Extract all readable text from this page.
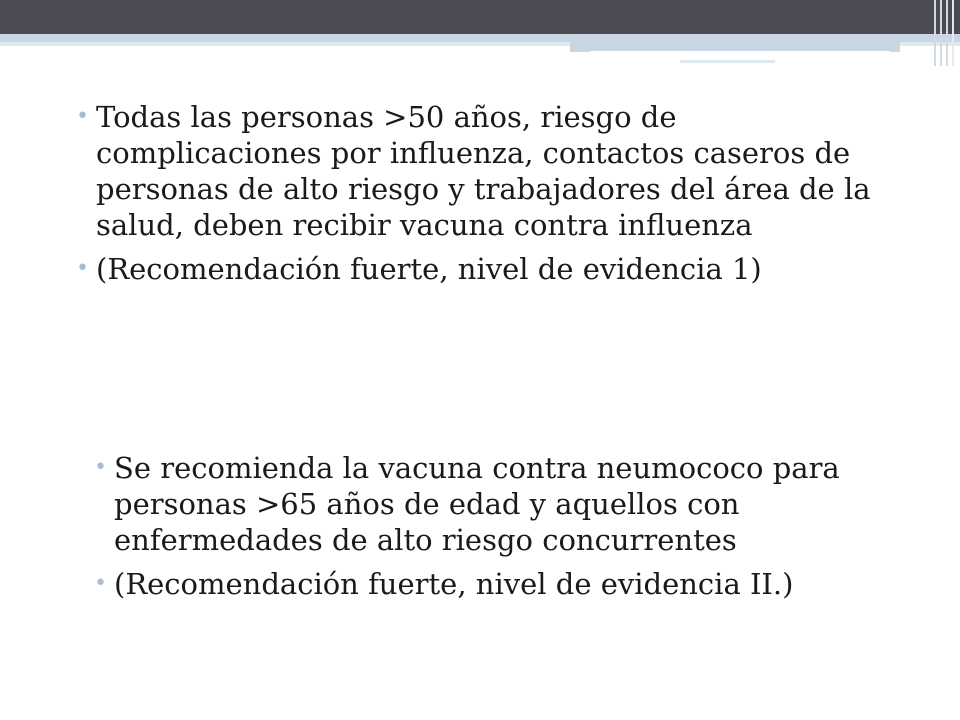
• Todas las personas >50 años, riesgo de complicaciones por influenza, contactos caseros de personas de alto riesgo y trabajadores del área de la salud, deben recibir vacuna contra influenza
• (Recomendación fuerte, nivel de evidencia 1)
• Se recomienda la vacuna contra neumococo para personas >65 años de edad y aquellos con enfermedades de alto riesgo concurrentes
• (Recomendación fuerte, nivel de evidencia II.)
